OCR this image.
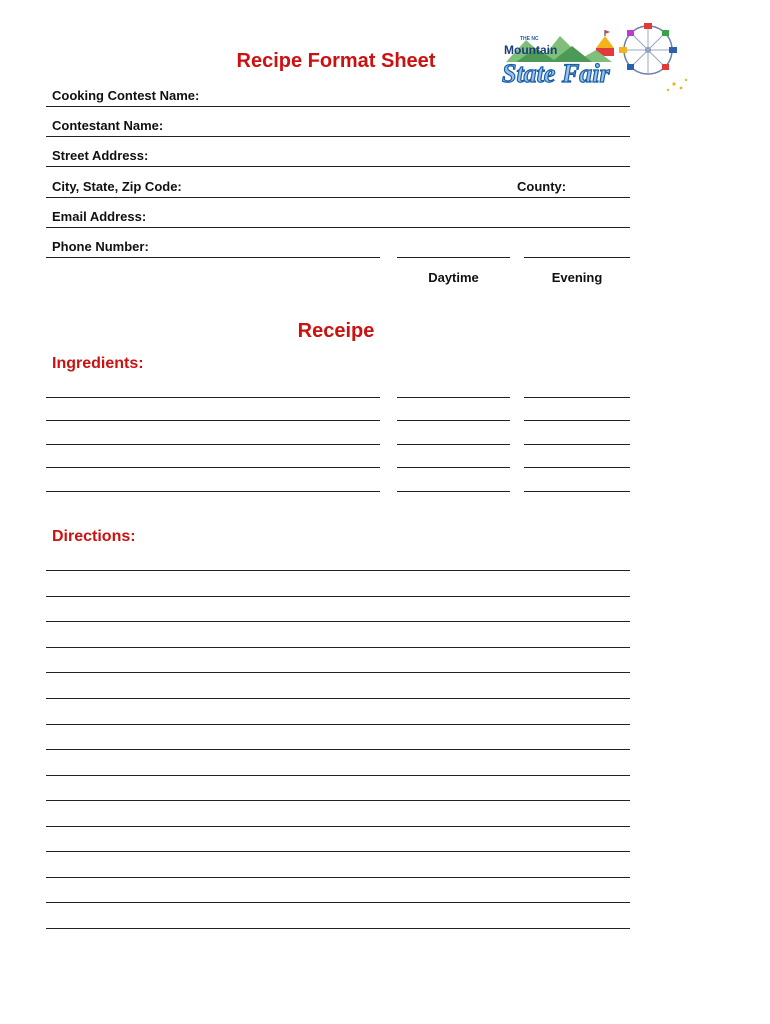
Recipe Format Sheet
THE NC
Mountain
State Fair
Cooking Contest Name:
Contestant Name:
Street Address:
City, State, Zip Code:	County:
Email Address:
Phone Number:
Daytime	Evening
Receipe
Ingredients:
Directions:
